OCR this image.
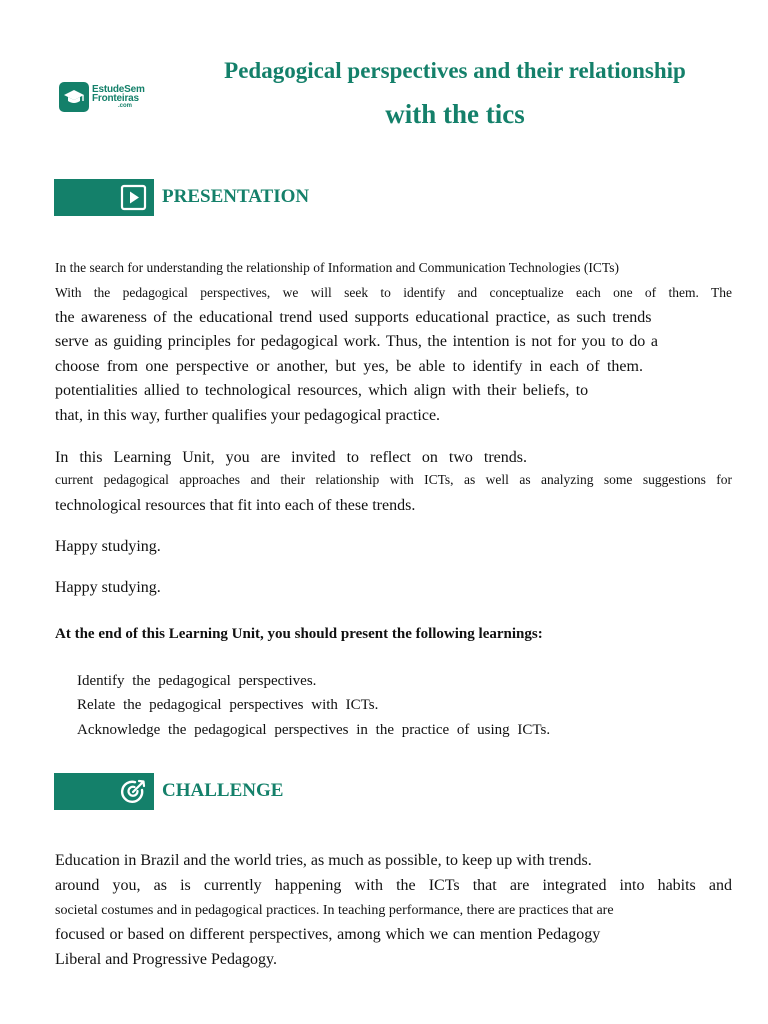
EstudeSem
Fronteiras
.com
Pedagogical perspectives and their relationship
with the tics
PRESENTATION
In the search for understanding the relationship of Information and Communication Technologies (ICTs)
With the pedagogical perspectives, we will seek to identify and conceptualize each one of them. The
the awareness of the educational trend used supports educational practice, as such trends
serve as guiding principles for pedagogical work. Thus, the intention is not for you to do a
choose from one perspective or another, but yes, be able to identify in each of them.
potentialities allied to technological resources, which align with their beliefs, to
that, in this way, further qualifies your pedagogical practice.
In this Learning Unit, you are invited to reflect on two trends.
current pedagogical approaches and their relationship with ICTs, as well as analyzing some suggestions for
technological resources that fit into each of these trends.
Happy studying.
Happy studying.
At the end of this Learning Unit, you should present the following learnings:
Identify the pedagogical perspectives.
Relate the pedagogical perspectives with ICTs.
Acknowledge the pedagogical perspectives in the practice of using ICTs.
CHALLENGE
Education in Brazil and the world tries, as much as possible, to keep up with trends.
around you, as is currently happening with the ICTs that are integrated into habits and
societal costumes and in pedagogical practices. In teaching performance, there are practices that are
focused or based on different perspectives, among which we can mention Pedagogy
Liberal and Progressive Pedagogy.
